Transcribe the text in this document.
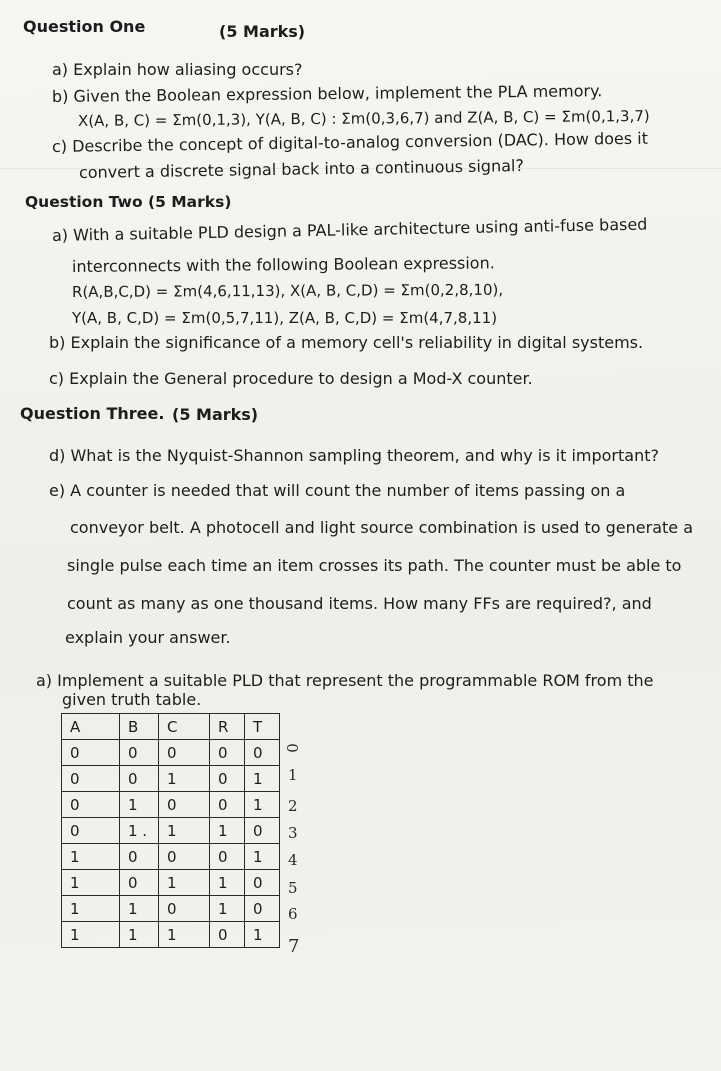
Question One	(5 Marks)
a) Explain how aliasing occurs?
b) Given the Boolean expression below, implement the PLA memory.
X(A, B, C) = Σm(0,1,3), Y(A, B, C) : Σm(0,3,6,7) and Z(A, B, C) = Σm(0,1,3,7)
c) Describe the concept of digital-to-analog conversion (DAC). How does it
convert a discrete signal back into a continuous signal?
Question Two (5 Marks)
a) With a suitable PLD design a PAL-like architecture using anti-fuse based
interconnects with the following Boolean expression.
R(A,B,C,D) = Σm(4,6,11,13), X(A, B, C,D) = Σm(0,2,8,10),
Y(A, B, C,D) = Σm(0,5,7,11), Z(A, B, C,D) = Σm(4,7,8,11)
b) Explain the significance of a memory cell's reliability in digital systems.
c) Explain the General procedure to design a Mod-X counter.
Question Three. (5 Marks)
d) What is the Nyquist-Shannon sampling theorem, and why is it important?
e) A counter is needed that will count the number of items passing on a
conveyor belt. A photocell and light source combination is used to generate a
single pulse each time an item crosses its path. The counter must be able to
count as many as one thousand items. How many FFs are required?, and
explain your answer.
a) Implement a suitable PLD that represent the programmable ROM from the
given truth table.
A	B	C	R	T
0	0	0	0	0
0	0	1	0	1
0	1	0	0	1
0	1 .	1	1	0
1	0	0	0	1
1	0	1	1	0
1	1	0	1	0
1	1	1	0	1
0
1
2
3
4
5
6
7
